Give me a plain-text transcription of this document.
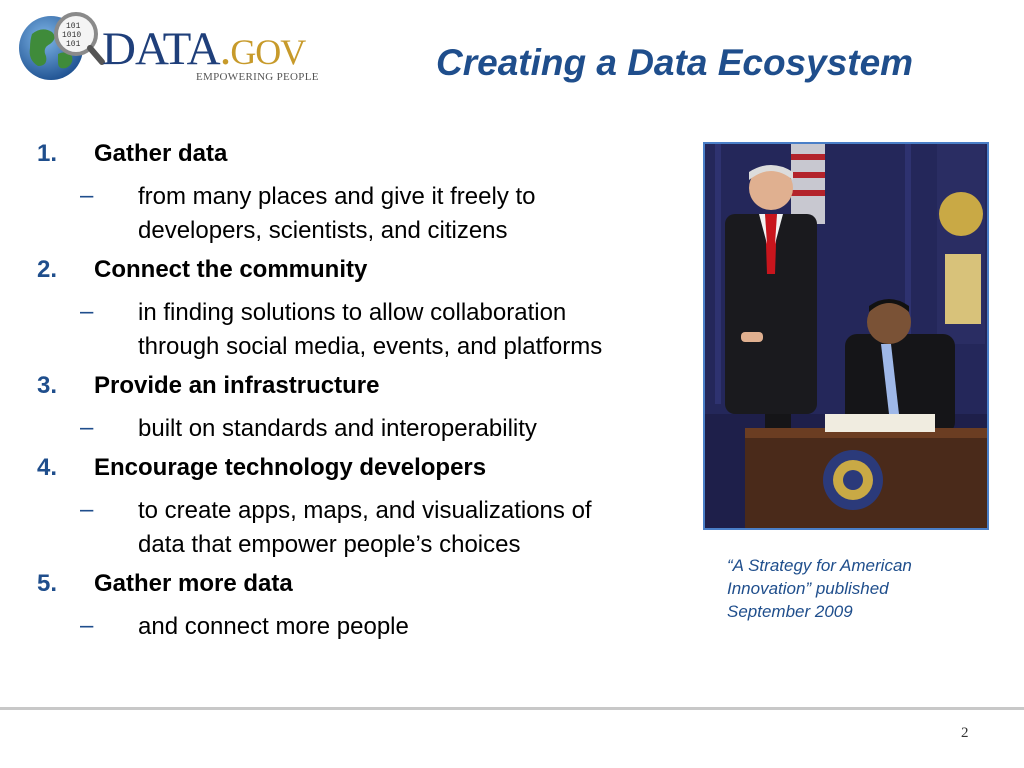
101
1010
101 DATA.GOV
EMPOWERING PEOPLE	Creating a Data Ecosystem
1.	Gather data
– from many places and give it freely to
developers, scientists, and citizens
2.	Connect the community
– in finding solutions to allow collaboration
through social media, events, and platforms
3.	Provide an infrastructure
– built on standards and interoperability
4.	Encourage technology developers
– to create apps, maps, and visualizations of
data that empower people’s choices
5.	Gather more data
– and connect more people
“A Strategy for American
Innovation” published
September 2009
2
